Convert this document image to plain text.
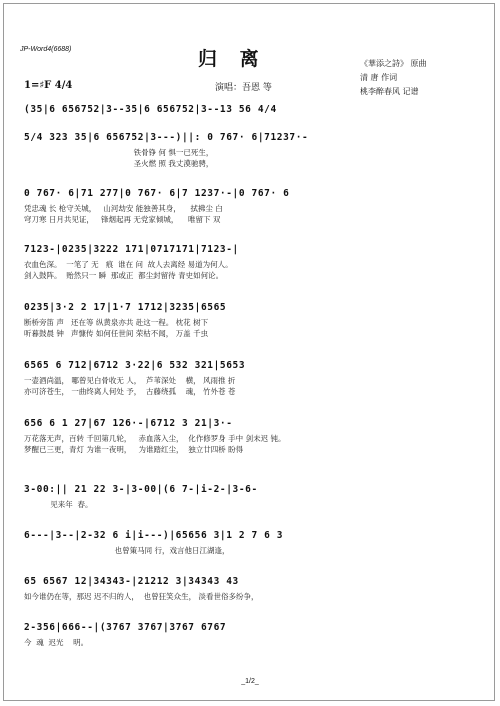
JP-Word4(6688)	归 离	《華添之詩》 原曲
清 唐 作词
桃李醉春风 记谱
1=♯F 4/4	演唱：吾恩 等
(35|6 656752|3--35|6 656752|3--13 56 4/4
5/4 323 35|6 656752|3---)||: 0 767· 6|71237·-
铁骨铮 何 惧一已死生，
圣火燃 照 我丈漠驰骋，
0 767· 6|71 277|0 767· 6|7 1237·-|0 767· 6
凭忠魂 长 枪守关城，   山河劫安 能独善其身，    拭拂尘 白
穹刀寒 日月共见证，   锋烟起再 无党家倾城，    唯留下 双
7123-|0235|3222 171|0717171|7123-|
衣血色深。  一笔了 无   痕  谁在 问  故人去离经 易道为何人。
剑入鼓阵。  贻然只一 瞬  那或正  都尘封留待 青史如何论。
0235|3·2 2 17|1·7 1712|3235|6565
断桥旁笛 声   还在等 纵黄泉亦共 赴这一程。 枕花 树下
听暮鼓晨 钟   声慷传 如何任世间 荣枯不闻， 万盖 千虫
6565 6 712|6712 3·22|6 532 321|5653
一壶酒尚温， 哪曾见白骨收无 人，  芦苇深处    横， 风雨推 折
亦可济苍生， 一曲终离人何处 予，  古藤绕孤    魂， 竹外苍 苍
656 6 1 27|67 126·-|6712 3 21|3·-
万花落无声，百转 千回第几轮，   赤血落入尘，  化作修罗身 手中 剑未迟 钝。
梦醒已三更，青灯 为谁一夜明，   为谁踏红尘，  独立廿四桥 盼得
3-00:|| 21 22 3-|3-00|(6 7-|i-2-|3-6-
见来年  春。
6---|3--|2-32 6 i|i---)|65656 3|1 2 7 6 3
也曾策马同 行，戏言他日江湖逢，
65 6567 12|34343-|21212 3|34343 43
如今谁仍在等，那迟 迟不归的人，  也曾狂笑众生， 淡看世俗多纷争，
2-356|666--|(3767 3767|3767 6767
今  魂  迟光    明。
_1/2_
